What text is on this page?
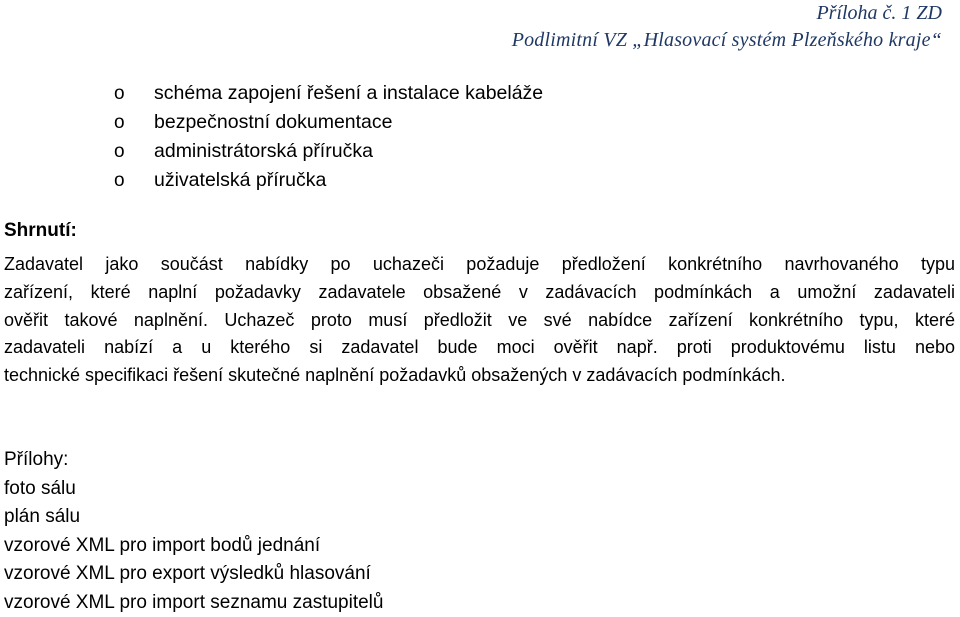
Příloha č. 1 ZD
Podlimitní VZ „Hlasovací systém Plzeňského kraje“
o schéma zapojení řešení a instalace kabeláže
o bezpečnostní dokumentace
o administrátorská příručka
o uživatelská příručka
Shrnutí:
Zadavatel jako součást nabídky po uchazeči požaduje předložení konkrétního navrhovaného typu
zařízení, které naplní požadavky zadavatele obsažené v zadávacích podmínkách a umožní zadavateli
ověřit takové naplnění. Uchazeč proto musí předložit ve své nabídce zařízení konkrétního typu, které
zadavateli nabízí a u kterého si zadavatel bude moci ověřit např. proti produktovému listu nebo
technické specifikaci řešení skutečné naplnění požadavků obsažených v zadávacích podmínkách.
Přílohy:
foto sálu
plán sálu
vzorové XML pro import bodů jednání
vzorové XML pro export výsledků hlasování
vzorové XML pro import seznamu zastupitelů
